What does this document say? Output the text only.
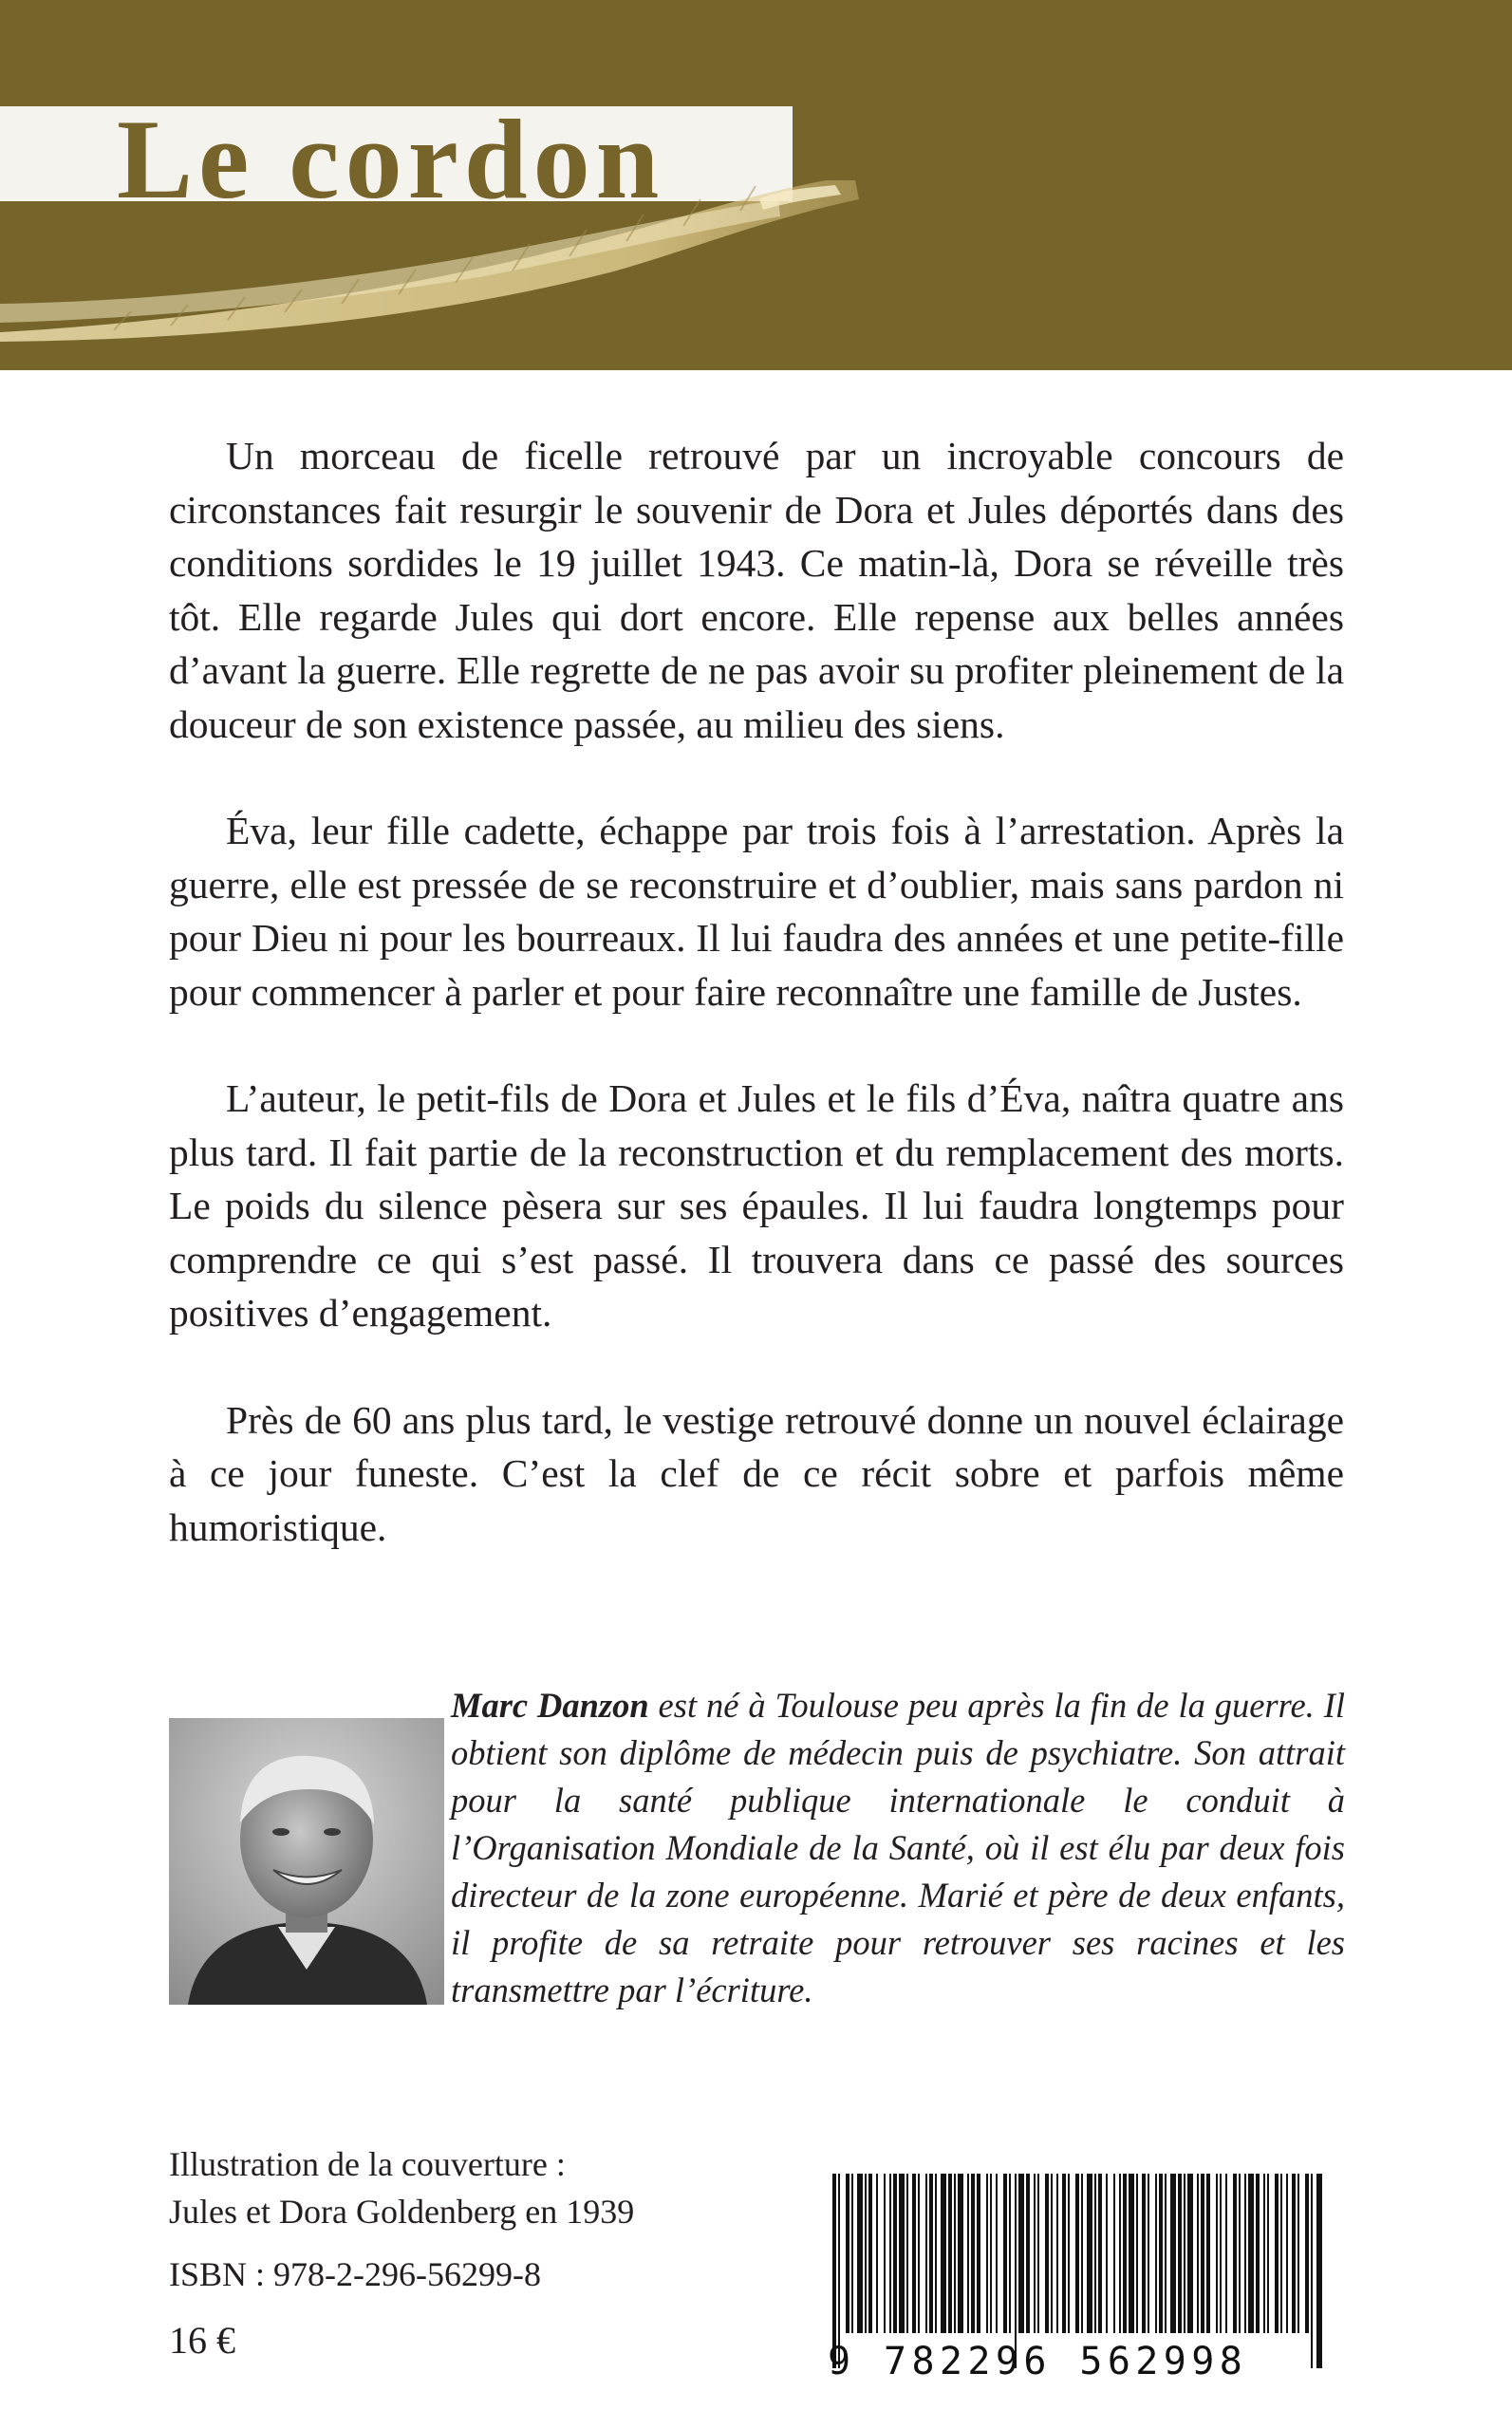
Le cordon

Un morceau de ficelle retrouvé par un incroyable concours de circonstances fait resurgir le souvenir de Dora et Jules déportés dans des conditions sordides le 19 juillet 1943. Ce matin-là, Dora se réveille très tôt. Elle regarde Jules qui dort encore. Elle repense aux belles années d’avant la guerre. Elle regrette de ne pas avoir su profiter pleinement de la douceur de son existence passée, au milieu des siens.

Éva, leur fille cadette, échappe par trois fois à l’arrestation. Après la guerre, elle est pressée de se reconstruire et d’oublier, mais sans pardon ni pour Dieu ni pour les bourreaux. Il lui faudra des années et une petite-fille pour commencer à parler et pour faire reconnaître une famille de Justes.

L’auteur, le petit-fils de Dora et Jules et le fils d’Éva, naîtra quatre ans plus tard. Il fait partie de la reconstruction et du remplacement des morts. Le poids du silence pèsera sur ses épaules. Il lui faudra longtemps pour comprendre ce qui s’est passé. Il trouvera dans ce passé des sources positives d’engagement.

Près de 60 ans plus tard, le vestige retrouvé donne un nouvel éclairage à ce jour funeste. C’est la clef de ce récit sobre et parfois même humoristique.

Marc Danzon est né à Toulouse peu après la fin de la guerre. Il obtient son diplôme de médecin puis de psychiatre. Son attrait pour la santé publique internationale le conduit à l’Organisation Mondiale de la Santé, où il est élu par deux fois directeur de la zone européenne. Marié et père de deux enfants, il profite de sa retraite pour retrouver ses racines et les transmettre par l’écriture.
Illustration de la couverture :
Jules et Dora Goldenberg en 1939
ISBN : 978-2-296-56299-8
16 €	9 782296 562998
